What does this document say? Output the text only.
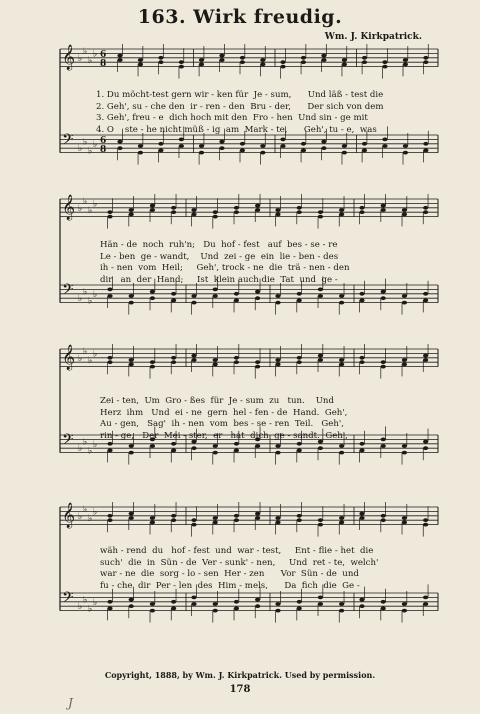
163. Wirk freudig.
Wm. J. Kirkpatrick.
𝄞
𝄢
♭
♭
♭
♭
♭
♭
♭
♭
6
8
6
8
1. Du möcht-test gern wir - ken für  Je - sum,      Und läß - test die
2. Geh', su - che den  ir - ren - den  Bru - der,      Der sich von dem
3. Geh', freu - e  dich hoch mit den  Fro - hen  Und sin - ge mit
4. O    ste - he nicht müß - ig  am  Mark - te,      Geh', tu - e,  was
𝄞
𝄢
♭
♭
♭
♭
♭
♭
♭
♭
Hän - de  noch  ruh'n;   Du  hof - fest   auf  bes - se - re
Le - ben  ge - wandt,    Und  zei - ge  ein  lie - ben - des
ih - nen  vom  Heil;     Geh', trock - ne  die  trä - nen - den
dir   an  der  Hand;     Ist  klein auch die  Tat  und  ge -
𝄞
𝄢
♭
♭
♭
♭
♭
♭
♭
♭
Zei - ten,  Um  Gro - ßes  für  Je - sum  zu   tun.    Und
Herz  ihm   Und  ei - ne  gern  hel - fen - de  Hand.  Geh',
Au - gen,   Sag'  ih - nen  vom  bes - se - ren  Teil.   Geh',
rin - ge,   Der  Mei - ster,  er   hat  dich  ge - sandt.  Geh',
𝄞
𝄢
♭
♭
♭
♭
♭
♭
♭
♭
wäh - rend  du   hof - fest  und  war - test,     Ent - flie - het  die
such'  die  in  Sün - de  Ver - sunk' - nen,     Und  ret - te,  welch'
war - ne  die  sorg - lo - sen  Her - zen      Vor  Sün - de  und
fu - che  dir  Per - len  des  Him - mels,      Da  fich  die  Ge -
Copyright, 1888, by Wm. J. Kirkpatrick. Used by permission.
178
J
